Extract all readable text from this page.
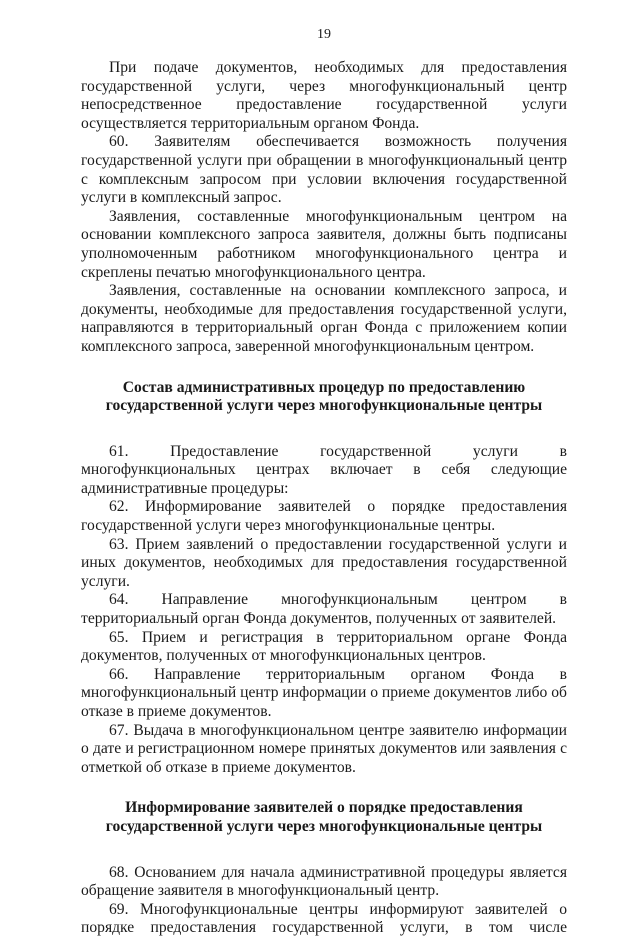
19

При подаче документов, необходимых для предоставления государственной услуги, через многофункциональный центр непосредственное предоставление государственной услуги осуществляется территориальным органом Фонда.

60. Заявителям обеспечивается возможность получения государственной услуги при обращении в многофункциональный центр с комплексным запросом при условии включения государственной услуги в комплексный запрос.

Заявления, составленные многофункциональным центром на основании комплексного запроса заявителя, должны быть подписаны уполномоченным работником многофункционального центра и скреплены печатью многофункционального центра.

Заявления, составленные на основании комплексного запроса, и документы, необходимые для предоставления государственной услуги, направляются в территориальный орган Фонда с приложением копии комплексного запроса, заверенной многофункциональным центром.

Состав административных процедур по предоставлению
государственной услуги через многофункциональные центры

61. Предоставление государственной услуги в многофункциональных центрах включает в себя следующие административные процедуры:

62. Информирование заявителей о порядке предоставления государственной услуги через многофункциональные центры.

63. Прием заявлений о предоставлении государственной услуги и иных документов, необходимых для предоставления государственной услуги.

64. Направление многофункциональным центром в территориальный орган Фонда документов, полученных от заявителей.

65. Прием и регистрация в территориальном органе Фонда документов, полученных от многофункциональных центров.

66. Направление территориальным органом Фонда в многофункциональный центр информации о приеме документов либо об отказе в приеме документов.

67. Выдача в многофункциональном центре заявителю информации о дате и регистрационном номере принятых документов или заявления с отметкой об отказе в приеме документов.

Информирование заявителей о порядке предоставления
государственной услуги через многофункциональные центры

68. Основанием для начала административной процедуры является обращение заявителя в многофункциональный центр.

69. Многофункциональные центры информируют заявителей о порядке предоставления государственной услуги, в том числе
